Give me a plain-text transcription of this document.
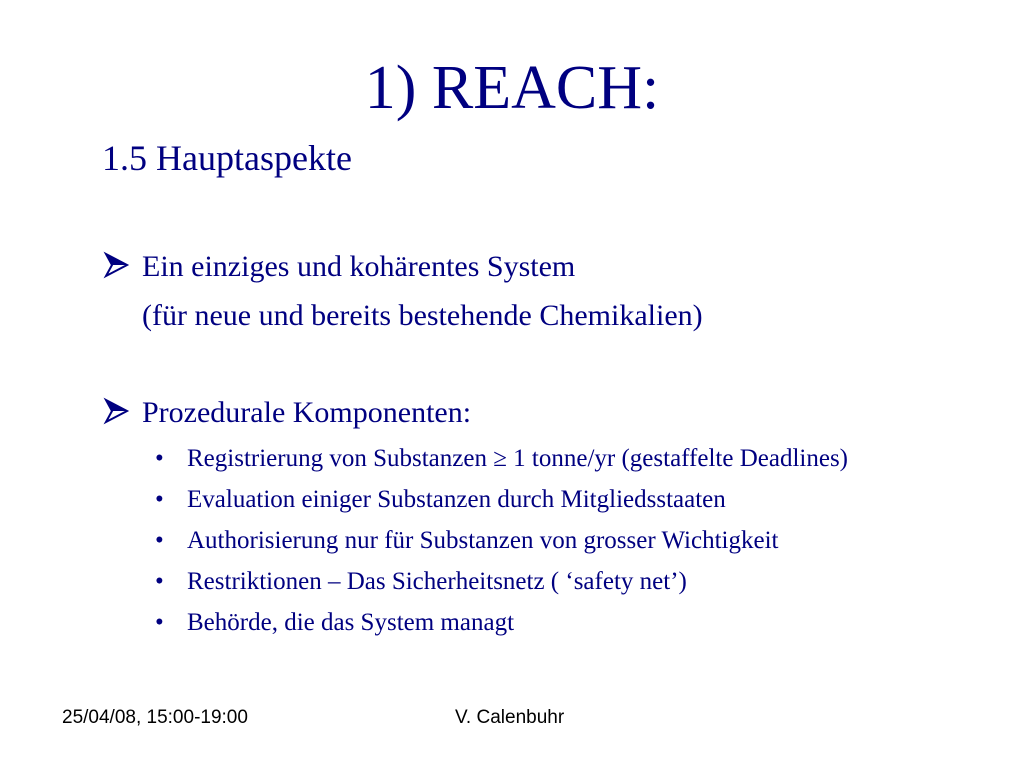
1) REACH:
1.5 Hauptaspekte
Ein einziges und kohärentes System
(für neue und bereits bestehende Chemikalien)
Prozedurale Komponenten:
• Registrierung von Substanzen ≥ 1 tonne/yr (gestaffelte Deadlines)
• Evaluation einiger Substanzen durch Mitgliedsstaaten
• Authorisierung nur für Substanzen von grosser Wichtigkeit
• Restriktionen – Das Sicherheitsnetz ( ‘safety net’)
• Behörde, die das System managt
25/04/08, 15:00-19:00	V. Calenbuhr
